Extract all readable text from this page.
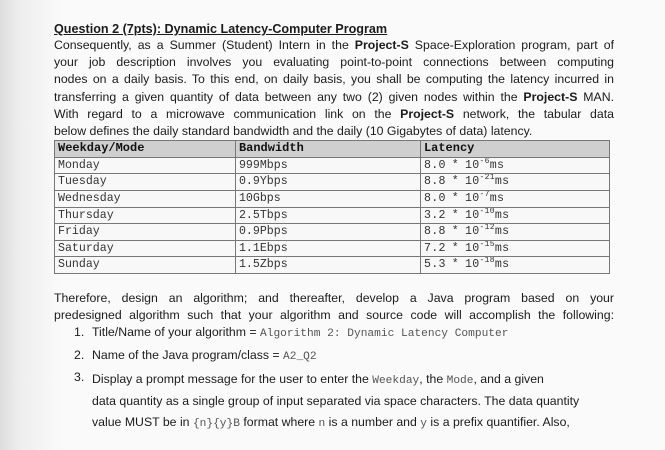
Question 2 (7pts): Dynamic Latency-Computer Program

Consequently, as a Summer (Student) Intern in the Project-S Space-Exploration program, part of
your job description involves you evaluating point-to-point connections between computing
nodes on a daily basis. To this end, on daily basis, you shall be computing the latency incurred in
transferring a given quantity of data between any two (2) given nodes within the Project-S MAN.
With regard to a microwave communication link on the Project-S network, the tabular data
below defines the daily standard bandwidth and the daily (10 Gigabytes of data) latency.

Weekday/Mode	Bandwidth	Latency
Monday	999Mbps	$8.0 * 10^{-6}ms$
Tuesday	0.9Ybps	$8.8 * 10^{-21}ms$
Wednesday	10Gbps	$8.0 * 10^{-7}ms$
Thursday	2.5Tbps	$3.2 * 10^{-10}ms$
Friday	0.9Pbps	$8.8 * 10^{-12}ms$
Saturday	1.1Ebps	$7.2 * 10^{-15}ms$
Sunday	1.5Zbps	$5.3 * 10^{-18}ms$

Therefore, design an algorithm; and thereafter, develop a Java program based on your
predesigned algorithm such that your algorithm and source code will accomplish the following:

1. Title/Name of your algorithm = Algorithm 2: Dynamic Latency Computer
2. Name of the Java program/class = A2_Q2
3. Display a prompt message for the user to enter the Weekday, the Mode, and a given
data quantity as a single group of input separated via space characters. The data quantity
value MUST be in {n}{y}B format where n is a number and y is a prefix quantifier. Also,
